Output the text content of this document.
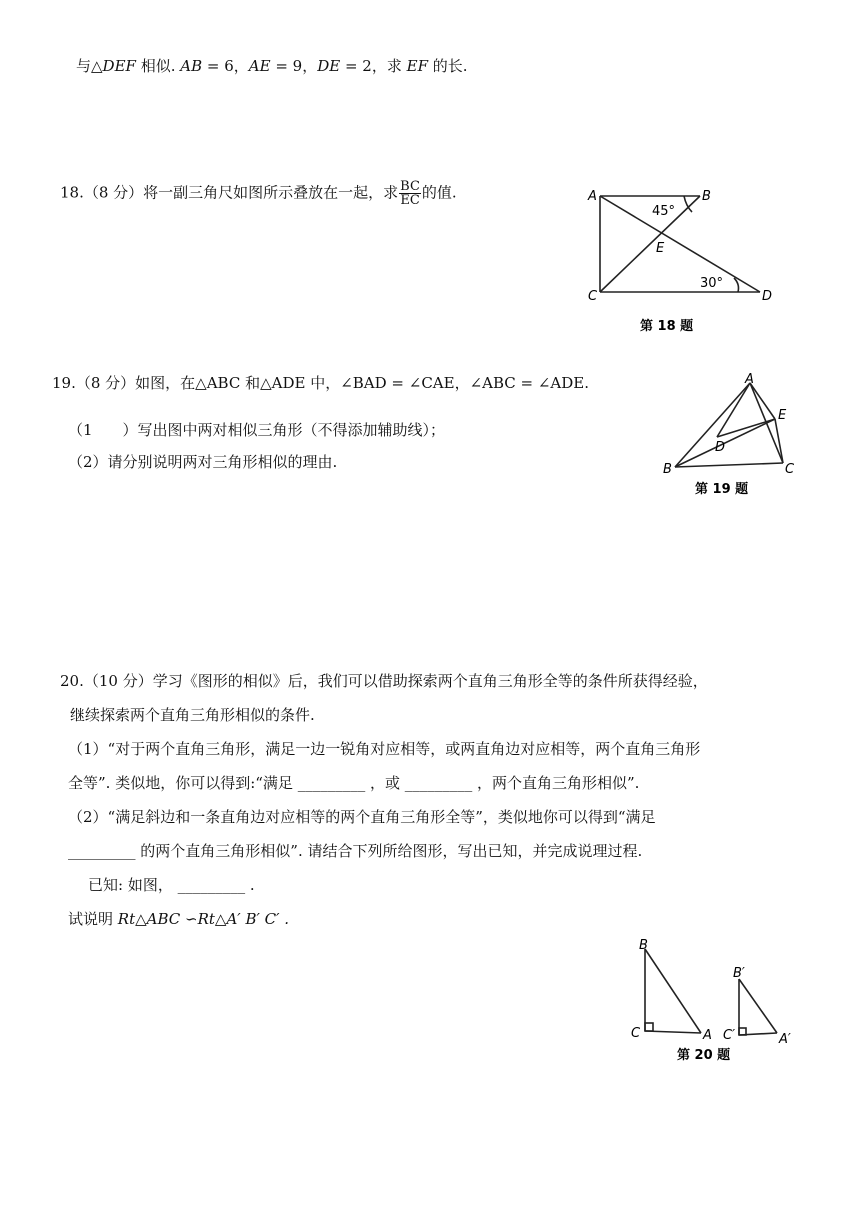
与△DEF 相似. AB = 6，AE = 9，DE = 2，求 EF 的长.
18.（8 分）将一副三角尺如图所示叠放在一起，求 $\frac{BC}{EC}$ 的值.	A	B
C	D
E
45°
30°
第 18 题
19.（8 分）如图，在△ABC 和△ADE 中，∠BAD = ∠CAE，∠ABC = ∠ADE.
（1　　）写出图中两对相似三角形（不得添加辅助线）；
（2）请分别说明两对三角形相似的理由.
A
B	C
D
E
第 19 题
20.（10 分）学习《图形的相似》后，我们可以借助探索两个直角三角形全等的条件所获得经验，
继续探索两个直角三角形相似的条件.
（1）“对于两个直角三角形，满足一边一锐角对应相等，或两直角边对应相等，两个直角三角形
全等”. 类似地，你可以得到:“满足 _________ ，或 _________ ，两个直角三角形相似”.
（2）“满足斜边和一条直角边对应相等的两个直角三角形全等”，类似地你可以得到“满足
_________ 的两个直角三角形相似”. 请结合下列所给图形，写出已知，并完成说理过程.
已知: 如图， _________ .
试说明 Rt△ABC ∽Rt△A′ B′ C′ .
B
C	A
B′
C′	A′
第 20 题
